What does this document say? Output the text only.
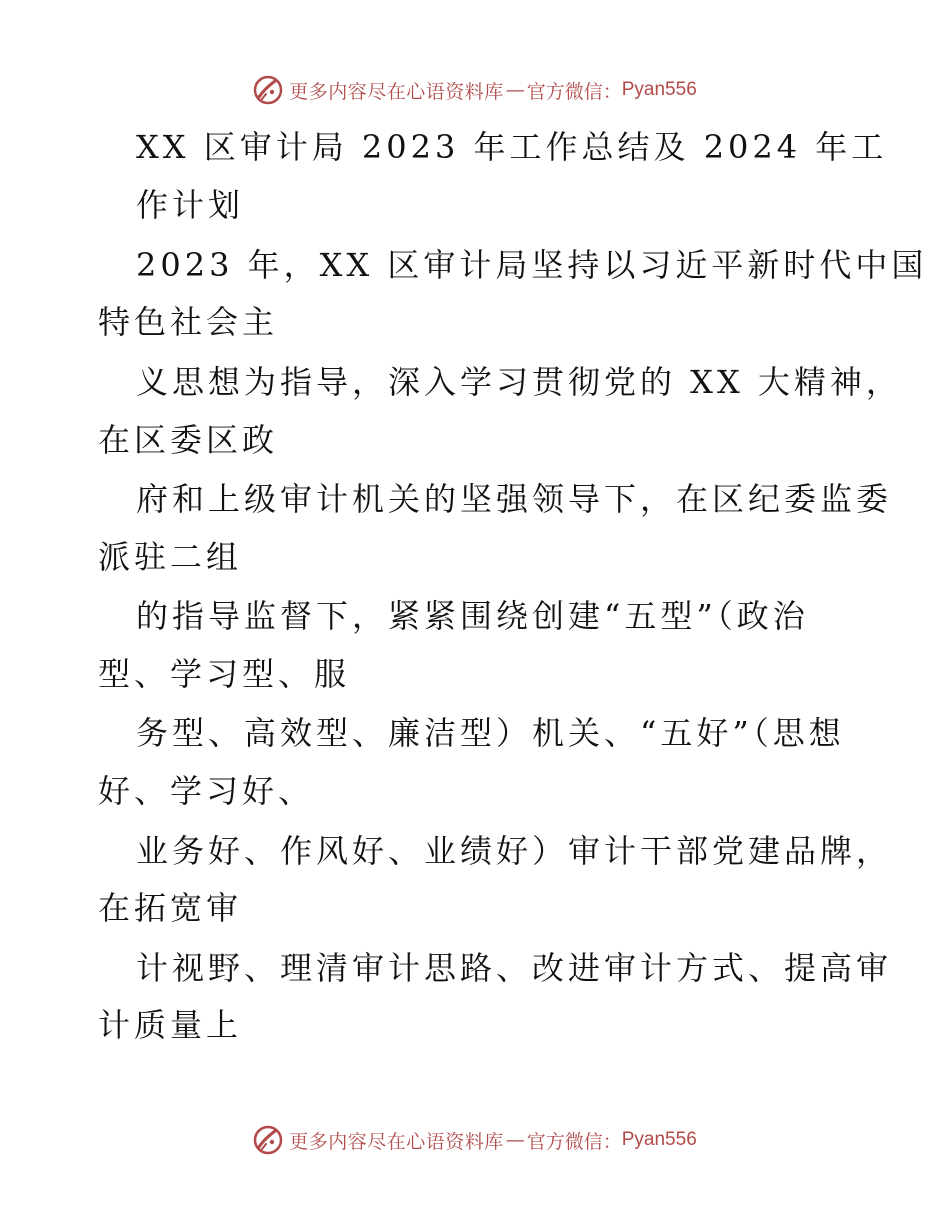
更多内容尽在心语资料库 — 官方微信： Pyan556
XX 区审计局 2023 年工作总结及 2024 年工
作计划
2023 年，XX 区审计局坚持以习近平新时代中国
特色社会主
义思想为指导，深入学习贯彻党的 XX 大精神，
在区委区政
府和上级审计机关的坚强领导下，在区纪委监委
派驻二组
的指导监督下，紧紧围绕创建“五型”（政治
型、学习型、服
务型、高效型、廉洁型）机关、“五好”（思想
好、学习好、
业务好、作风好、业绩好）审计干部党建品牌，
在拓宽审
计视野、理清审计思路、改进审计方式、提高审
计质量上
更多内容尽在心语资料库 — 官方微信： Pyan556
